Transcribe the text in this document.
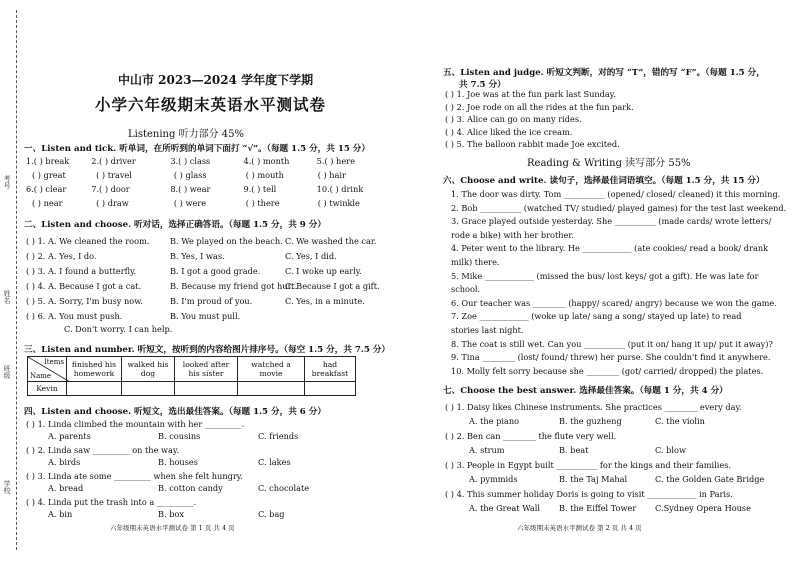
考号
姓名
班级
学校
中山市 2023—2024 学年度下学期
小学六年级期末英语水平测试卷
Listening 听力部分 45%
一、Listen and tick. 听单词，在所听到的单词下面打 “√”。（每题 1.5 分，共 15 分）
1.( ) break	2.( ) driver	3.( ) class	4.( ) month	5.( ) here
( ) great	( ) travel	( ) glass	( ) mouth	( ) hair
6.( ) clear	7.( ) door	8.( ) wear	9.( ) tell	10.( ) drink
( ) near	( ) draw	( ) were	( ) there	( ) twinkle
二、Listen and choose. 听对话，选择正确答语。（每题 1.5 分，共 9 分）
( ) 1. A. We cleaned the room.	B. We played on the beach. C. We washed the car.
( ) 2. A. Yes, I do.	B. Yes, I was.	C. Yes, I did.
( ) 3. A. I found a butterfly.	B. I got a good grade.	C. I woke up early.
( ) 4. A. Because I got a cat.	B. Because my friend got hurt.
C. Because I got a gift.
( ) 5. A. Sorry, I'm busy now.	B. I'm proud of you.	C. Yes, in a minute.
( ) 6. A. You must push.	B. You must pull.
C. Don't worry. I can help.
三、Listen and number. 听短文，按听到的内容给图片排序号。（每空 1.5 分，共 7.5 分）
Items
Name	finished his homework	walked his dog	looked after his sister	watched a movie	had breakfast
Kevin					
四、Listen and choose. 听短文，选出最佳答案。（每题 1.5 分，共 6 分）
( ) 1. Linda climbed the mountain with her _________.
A. parents	B. cousins	C. friends
( ) 2. Linda saw _________ on the way.
A. birds	B. houses	C. lakes
( ) 3. Linda ate some _________ when she felt hungry.
A. bread	B. cotton candy	C. chocolate
( ) 4. Linda put the trash into a _________.
A. bin	B. box	C. bag
六年级期末英语水平测试卷 第 1 页 共 4 页
五、Listen and judge. 听短文判断，对的写 “T”，错的写 “F”。（每题 1.5 分，
共 7.5 分）
( ) 1. Joe was at the fun park last Sunday.
( ) 2. Joe rode on all the rides at the fun park.
( ) 3. Alice can go on many rides.
( ) 4. Alice liked the ice cream.
( ) 5. The balloon rabbit made Joe excited.
Reading & Writing 读写部分 55%
六、Choose and write. 读句子，选择最佳词语填空。（每题 1.5 分，共 15 分）
1. The door was dirty. Tom __________ (opened/ closed/ cleaned) it this morning.
2. Bob __________ (watched TV/ studied/ played games) for the test last weekend.
3. Grace played outside yesterday. She __________ (made cards/ wrote letters/
rode a bike) with her brother.
4. Peter went to the library. He ____________ (ate cookies/ read a book/ drank
milk) there.
5. Mike ____________ (missed the bus/ lost keys/ got a gift). He was late for
school.
6. Our teacher was ________ (happy/ scared/ angry) because we won the game.
7. Zoe ____________ (woke up late/ sang a song/ stayed up late) to read
stories last night.
8. The coat is still wet. Can you __________ (put it on/ hang it up/ put it away)?
9. Tina ________ (lost/ found/ threw) her purse. She couldn't find it anywhere.
10. Molly felt sorry because she ________ (got/ carried/ dropped) the plates.
七、Choose the best answer. 选择最佳答案。（每题 1 分，共 4 分）
( ) 1. Daisy likes Chinese instruments. She practices ________ every day.
A. the piano	B. the guzheng	C. the violin
( ) 2. Ben can ________ the flute very well.
A. strum	B. beat	C. blow
( ) 3. People in Egypt built __________ for the kings and their families.
A. pymmids	B. the Taj Mahal	C. the Golden Gate Bridge
( ) 4. This summer holiday Doris is going to visit ____________ in Paris.
A. the Great Wall	B. the Eiffel Tower	C.Sydney Opera House
六年级期末英语水平测试卷 第 2 页 共 4 页
